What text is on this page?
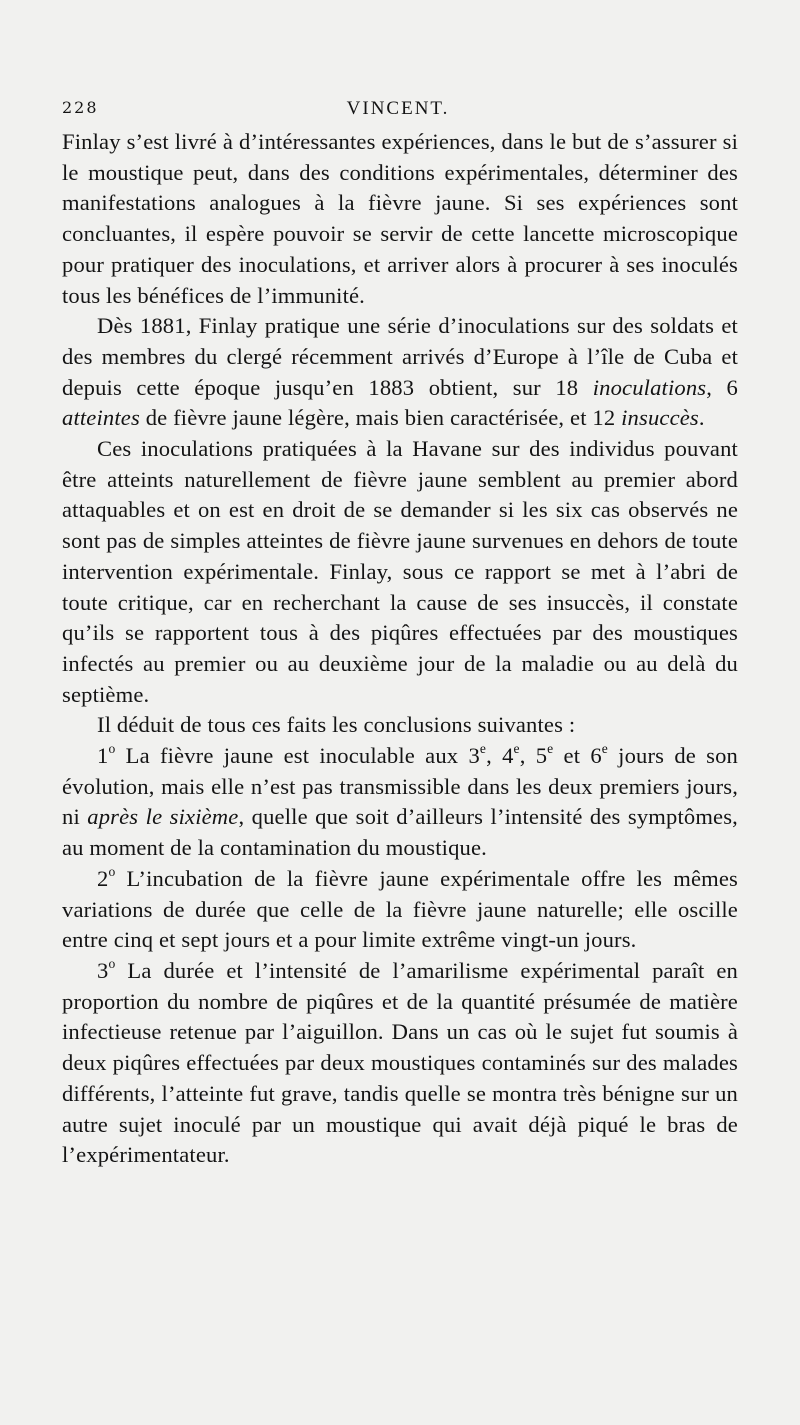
228	VINCENT.

Finlay s’est livré à d’intéressantes expériences, dans le but de s’assurer si le moustique peut, dans des conditions expérimentales, déterminer des manifestations analogues à la fièvre jaune. Si ses expériences sont concluantes, il espère pouvoir se servir de cette lancette microscopique pour pratiquer des inoculations, et arriver alors à procurer à ses inoculés tous les bénéfices de l’immunité.

Dès 1881, Finlay pratique une série d’inoculations sur des soldats et des membres du clergé récemment arrivés d’Europe à l’île de Cuba et depuis cette époque jusqu’en 1883 obtient, sur 18 inoculations, 6 atteintes de fièvre jaune légère, mais bien caractérisée, et 12 insuccès.

Ces inoculations pratiquées à la Havane sur des individus pouvant être atteints naturellement de fièvre jaune semblent au premier abord attaquables et on est en droit de se demander si les six cas observés ne sont pas de simples atteintes de fièvre jaune survenues en dehors de toute intervention expérimentale. Finlay, sous ce rapport se met à l’abri de toute critique, car en recherchant la cause de ses insuccès, il constate qu’ils se rapportent tous à des piqûres effectuées par des moustiques infectés au premier ou au deuxième jour de la maladie ou au delà du septième.

Il déduit de tous ces faits les conclusions suivantes :

1$^o$ La fièvre jaune est inoculable aux 3e, 4e, 5e et 6e jours de son évolution, mais elle n’est pas transmissible dans les deux premiers jours, ni après le sixième, quelle que soit d’ailleurs l’intensité des symptômes, au moment de la contamination du moustique.

2$^o$ L’incubation de la fièvre jaune expérimentale offre les mêmes variations de durée que celle de la fièvre jaune naturelle; elle oscille entre cinq et sept jours et a pour limite extrême vingt-un jours.

3$^o$ La durée et l’intensité de l’amarilisme expérimental paraît en proportion du nombre de piqûres et de la quantité présumée de matière infectieuse retenue par l’aiguillon. Dans un cas où le sujet fut soumis à deux piqûres effectuées par deux moustiques contaminés sur des malades différents, l’atteinte fut grave, tandis quelle se montra très bénigne sur un autre sujet inoculé par un moustique qui avait déjà piqué le bras de l’expérimentateur.
